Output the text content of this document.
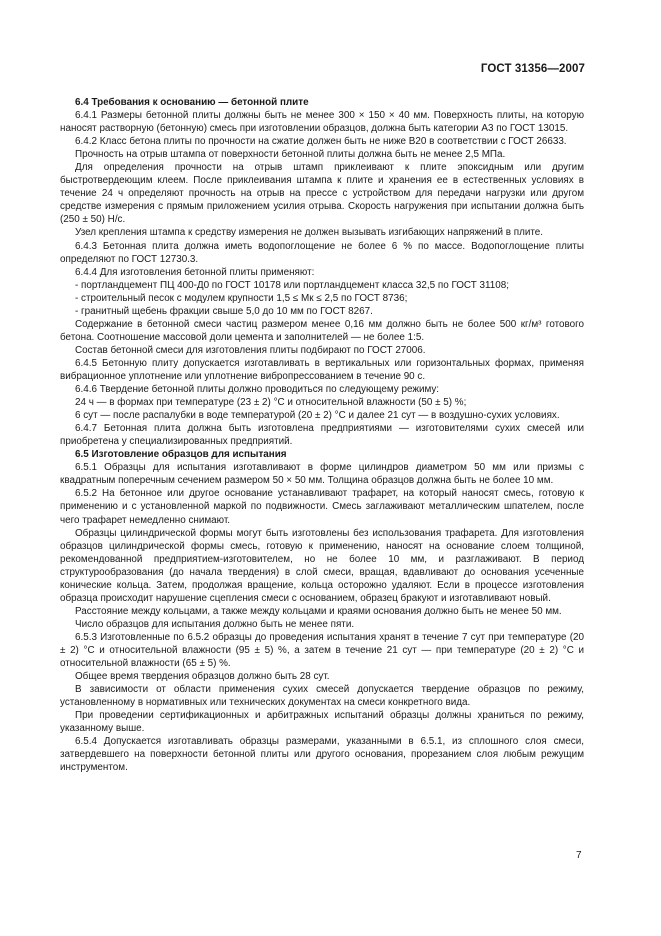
ГОСТ 31356—2007
6.4 Требования к основанию — бетонной плите

6.4.1 Размеры бетонной плиты должны быть не менее 300 × 150 × 40 мм. Поверхность плиты, на которую наносят растворную (бетонную) смесь при изготовлении образцов, должна быть категории А3 по ГОСТ 13015.

6.4.2 Класс бетона плиты по прочности на сжатие должен быть не ниже В20 в соответствии с ГОСТ 26633.

Прочность на отрыв штампа от поверхности бетонной плиты должна быть не менее 2,5 МПа.

Для определения прочности на отрыв штамп приклеивают к плите эпоксидным или другим быстротвердеющим клеем. После приклеивания штампа к плите и хранения ее в естественных условиях в течение 24 ч определяют прочность на отрыв на прессе с устройством для передачи нагрузки или другом средстве измерения с прямым приложением усилия отрыва. Скорость нагружения при испытании должна быть (250 ± 50) Н/с.

Узел крепления штампа к средству измерения не должен вызывать изгибающих напряжений в плите.

6.4.3 Бетонная плита должна иметь водопоглощение не более 6 % по массе. Водопоглощение плиты определяют по ГОСТ 12730.3.

6.4.4 Для изготовления бетонной плиты применяют:

- портландцемент ПЦ 400-Д0 по ГОСТ 10178 или портландцемент класса 32,5 по ГОСТ 31108;

- строительный песок с модулем крупности 1,5 ≤ Mк ≤ 2,5 по ГОСТ 8736;

- гранитный щебень фракции свыше 5,0 до 10 мм по ГОСТ 8267.

Содержание в бетонной смеси частиц размером менее 0,16 мм должно быть не более 500 кг/м³ готового бетона. Соотношение массовой доли цемента и заполнителей — не более 1:5.

Состав бетонной смеси для изготовления плиты подбирают по ГОСТ 27006.

6.4.5 Бетонную плиту допускается изготавливать в вертикальных или горизонтальных формах, применяя вибрационное уплотнение или уплотнение вибропрессованием в течение 90 с.

6.4.6 Твердение бетонной плиты должно проводиться по следующему режиму:

24 ч — в формах при температуре (23 ± 2) °С и относительной влажности (50 ± 5) %;

6 сут — после распалубки в воде температурой (20 ± 2) °С и далее 21 сут — в воздушно-сухих условиях.

6.4.7 Бетонная плита должна быть изготовлена предприятиями — изготовителями сухих смесей или приобретена у специализированных предприятий.

6.5 Изготовление образцов для испытания

6.5.1 Образцы для испытания изготавливают в форме цилиндров диаметром 50 мм или призмы с квадратным поперечным сечением размером 50 × 50 мм. Толщина образцов должна быть не более 10 мм.

6.5.2 На бетонное или другое основание устанавливают трафарет, на который наносят смесь, готовую к применению и с установленной маркой по подвижности. Смесь заглаживают металлическим шпателем, после чего трафарет немедленно снимают.

Образцы цилиндрической формы могут быть изготовлены без использования трафарета. Для изготовления образцов цилиндрической формы смесь, готовую к применению, наносят на основание слоем толщиной, рекомендованной предприятием-изготовителем, но не более 10 мм, и разглаживают. В период структурообразования (до начала твердения) в слой смеси, вращая, вдавливают до основания усеченные конические кольца. Затем, продолжая вращение, кольца осторожно удаляют. Если в процессе изготовления образца происходит нарушение сцепления смеси с основанием, образец бракуют и изготавливают новый.

Расстояние между кольцами, а также между кольцами и краями основания должно быть не менее 50 мм.

Число образцов для испытания должно быть не менее пяти.

6.5.3 Изготовленные по 6.5.2 образцы до проведения испытания хранят в течение 7 сут при температуре (20 ± 2) °С и относительной влажности (95 ± 5) %, а затем в течение 21 сут — при температуре (20 ± 2) °С и относительной влажности (65 ± 5) %.

Общее время твердения образцов должно быть 28 сут.

В зависимости от области применения сухих смесей допускается твердение образцов по режиму, установленному в нормативных или технических документах на смеси конкретного вида.

При проведении сертификационных и арбитражных испытаний образцы должны храниться по режиму, указанному выше.

6.5.4 Допускается изготавливать образцы размерами, указанными в 6.5.1, из сплошного слоя смеси, затвердевшего на поверхности бетонной плиты или другого основания, прорезанием слоя любым режущим инструментом.

7
